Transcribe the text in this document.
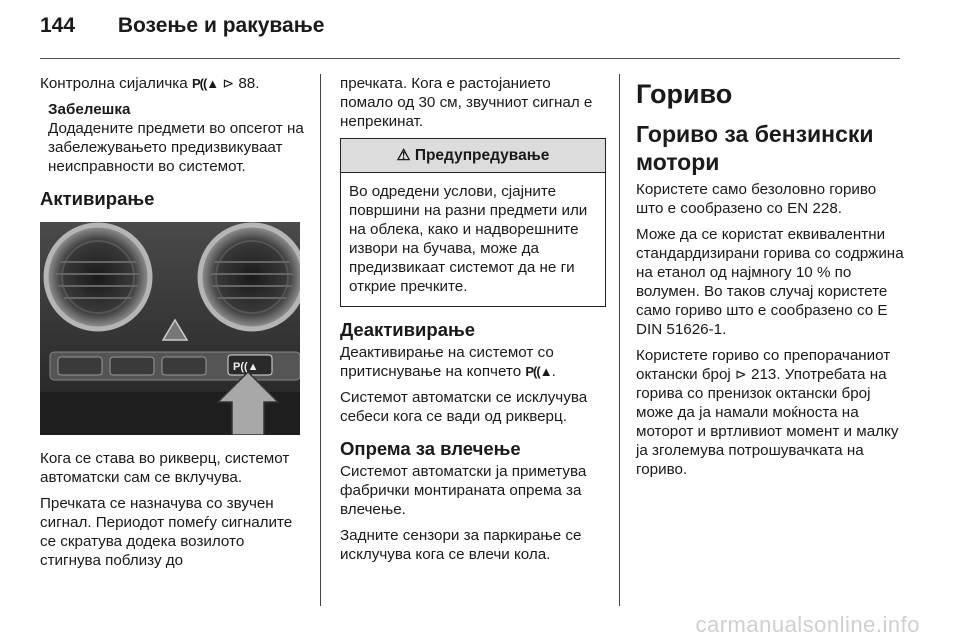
144 Возење и ракување

Контролна сијаличка P((▲ ⊳ 88.

Забелешка

Додадените предмети во опсегот на забележувањето предизвикуваат неисправности во системот.

Активирање
P((▲

Кога се става во рикверц, системот автоматски сам се вклучува.

Пречката се назначува со звучен сигнал. Периодот помеѓу сигналите се скратува додека возилото стигнува поблизу до

пречката. Кога е растојанието помало од 30 см, звучниот сигнал е непрекинат.

⚠ Предупредување
Во одредени услови, сјајните површини на разни предмети или на облека, како и надворешните извори на бучава, може да предизвикаат системот да не ги открие пречките.
Деактивирање

Деактивирање на системот со притиснување на копчето P((▲.

Системот автоматски се исклучува себеси кога се вади од рикверц.

Опрема за влечење

Системот автоматски ја приметува фабрички монтираната опрема за влечење.

Задните сензори за паркирање се исклучува кога се влечи кола.

Гориво
Гориво за бензински мотори

Користете само безоловно гориво што е сообразено со EN 228.

Може да се користат еквивалентни стандардизирани горива со содржина на етанол од најмногу 10 % по волумен. Во таков случај користете само гориво што е сообразено со E DIN 51626-1.

Користете гориво со препорачаниот октански број ⊳ 213. Употребата на горива со пренизок октански број може да ја намали моќноста на моторот и вртливиот момент и малку ја зголемува потрошувачката на гориво.

carmanualsonline.info
